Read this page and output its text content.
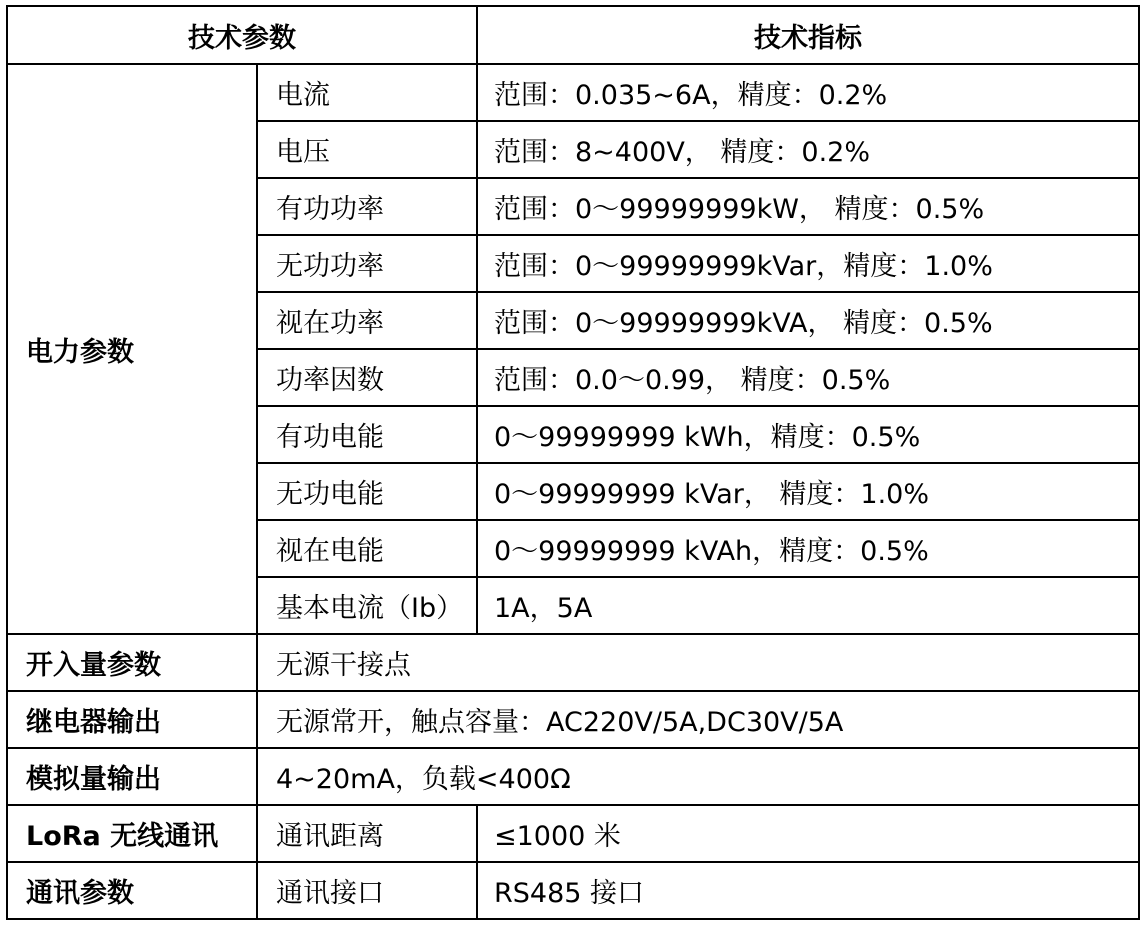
技术参数		技术指标
电力参数	电流	范围：0.035~6A，精度：0.2%
	电压	范围：8~400V， 精度：0.2%
	有功功率	范围：0～99999999kW， 精度：0.5%
	无功功率	范围：0～99999999kVar，精度：1.0%
	视在功率	范围：0～99999999kVA， 精度：0.5%
	功率因数	范围：0.0～0.99， 精度：0.5%
	有功电能	0～99999999 kWh，精度：0.5%
	无功电能	0～99999999 kVar， 精度：1.0%
	视在电能	0～99999999 kVAh，精度：0.5%
	基本电流（Ib）	1A，5A
开入量参数	无源干接点	
继电器输出	无源常开，触点容量：AC220V/5A,DC30V/5A	
模拟量输出	4~20mA，负载<400Ω	
LoRa 无线通讯	通讯距离	≤1000 米
通讯参数	通讯接口	RS485 接口
